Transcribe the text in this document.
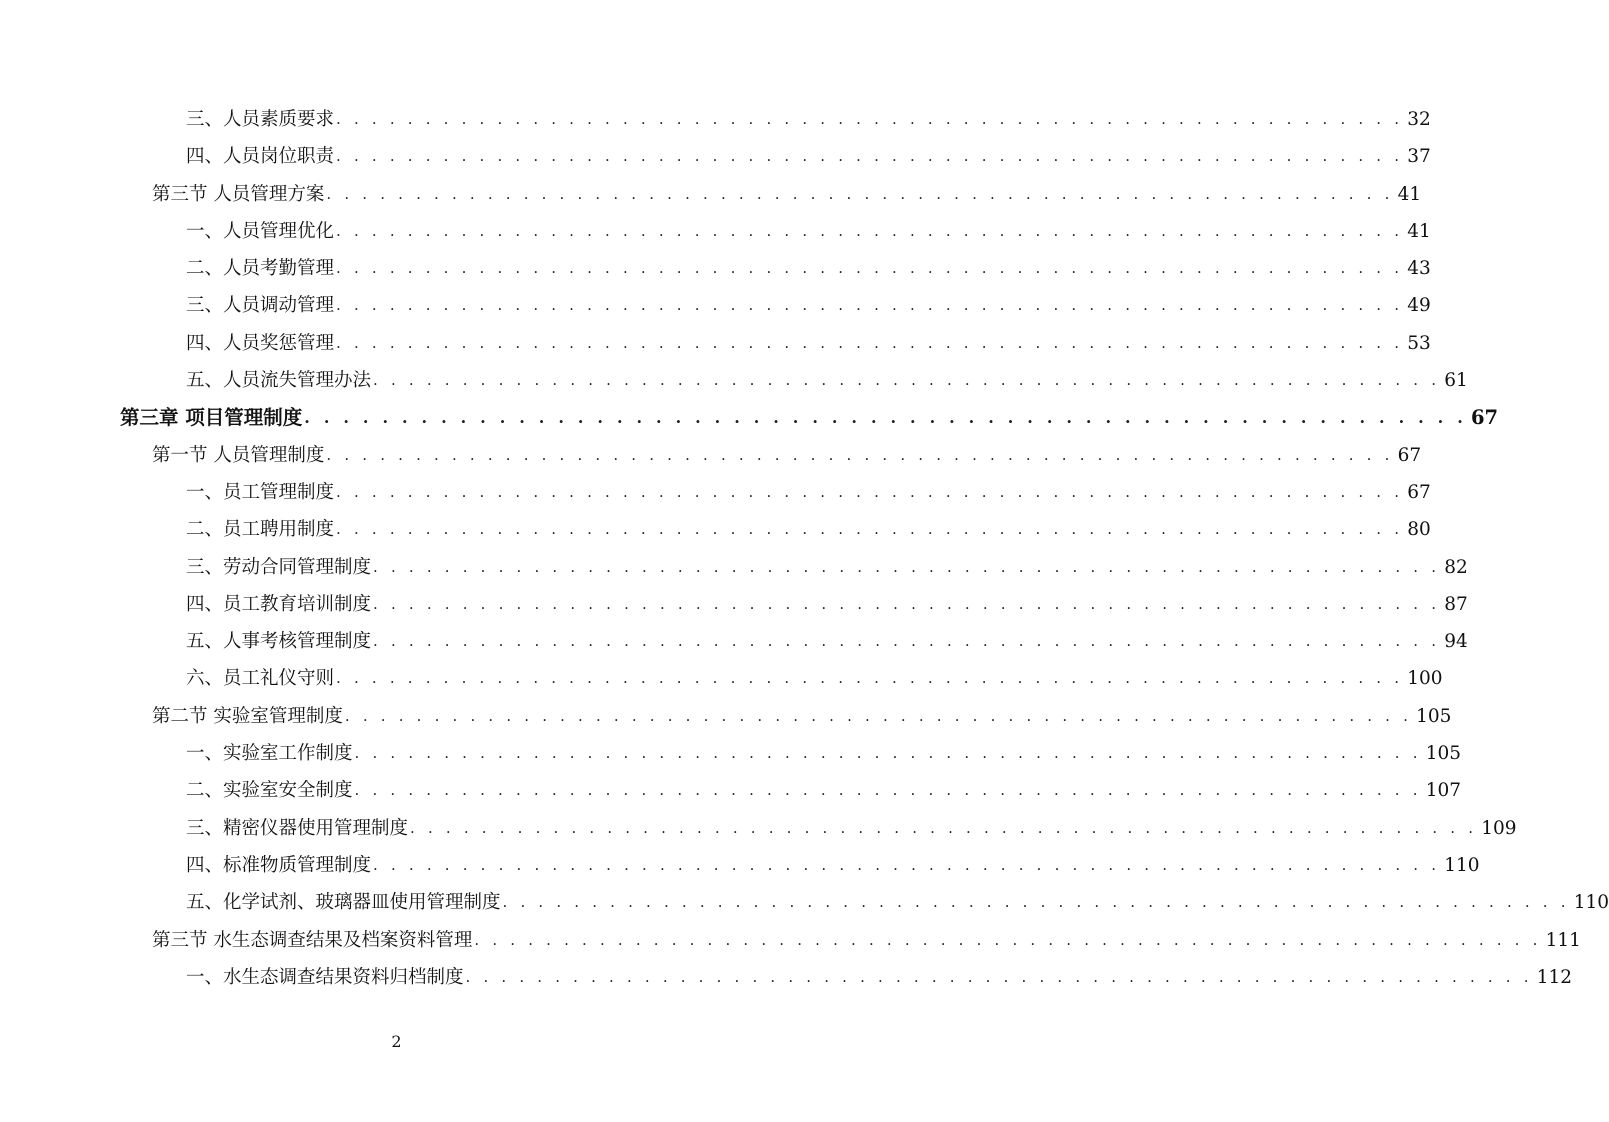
三、人员素质要求 . . . . . . . . . . . . . . . . . . . . . . . . . . . . . . . . . . . . . . . . . . . . . . . . . . . . . . . . . . . . 32
四、人员岗位职责 . . . . . . . . . . . . . . . . . . . . . . . . . . . . . . . . . . . . . . . . . . . . . . . . . . . . . . . . . . . . 37
第三节 人员管理方案 . . . . . . . . . . . . . . . . . . . . . . . . . . . . . . . . . . . . . . . . . . . . . . . . . . . . . . . . . . . . 41
一、人员管理优化 . . . . . . . . . . . . . . . . . . . . . . . . . . . . . . . . . . . . . . . . . . . . . . . . . . . . . . . . . . . . 41
二、人员考勤管理 . . . . . . . . . . . . . . . . . . . . . . . . . . . . . . . . . . . . . . . . . . . . . . . . . . . . . . . . . . . . 43
三、人员调动管理 . . . . . . . . . . . . . . . . . . . . . . . . . . . . . . . . . . . . . . . . . . . . . . . . . . . . . . . . . . . . 49
四、人员奖惩管理 . . . . . . . . . . . . . . . . . . . . . . . . . . . . . . . . . . . . . . . . . . . . . . . . . . . . . . . . . . . . 53
五、人员流失管理办法 . . . . . . . . . . . . . . . . . . . . . . . . . . . . . . . . . . . . . . . . . . . . . . . . . . . . . . . . . . . . 61
第三章 项目管理制度 . . . . . . . . . . . . . . . . . . . . . . . . . . . . . . . . . . . . . . . . . . . . . . . . . . . . . . . . . . . . 67
第一节 人员管理制度 . . . . . . . . . . . . . . . . . . . . . . . . . . . . . . . . . . . . . . . . . . . . . . . . . . . . . . . . . . . . 67
一、员工管理制度 . . . . . . . . . . . . . . . . . . . . . . . . . . . . . . . . . . . . . . . . . . . . . . . . . . . . . . . . . . . . 67
二、员工聘用制度 . . . . . . . . . . . . . . . . . . . . . . . . . . . . . . . . . . . . . . . . . . . . . . . . . . . . . . . . . . . . 80
三、劳动合同管理制度 . . . . . . . . . . . . . . . . . . . . . . . . . . . . . . . . . . . . . . . . . . . . . . . . . . . . . . . . . . . . 82
四、员工教育培训制度 . . . . . . . . . . . . . . . . . . . . . . . . . . . . . . . . . . . . . . . . . . . . . . . . . . . . . . . . . . . . 87
五、人事考核管理制度 . . . . . . . . . . . . . . . . . . . . . . . . . . . . . . . . . . . . . . . . . . . . . . . . . . . . . . . . . . . . 94
六、员工礼仪守则 . . . . . . . . . . . . . . . . . . . . . . . . . . . . . . . . . . . . . . . . . . . . . . . . . . . . . . . . . . . . 100
第二节 实验室管理制度 . . . . . . . . . . . . . . . . . . . . . . . . . . . . . . . . . . . . . . . . . . . . . . . . . . . . . . . . . . . . 105
一、实验室工作制度 . . . . . . . . . . . . . . . . . . . . . . . . . . . . . . . . . . . . . . . . . . . . . . . . . . . . . . . . . . . . 105
二、实验室安全制度 . . . . . . . . . . . . . . . . . . . . . . . . . . . . . . . . . . . . . . . . . . . . . . . . . . . . . . . . . . . . 107
三、精密仪器使用管理制度 . . . . . . . . . . . . . . . . . . . . . . . . . . . . . . . . . . . . . . . . . . . . . . . . . . . . . . . . . . . . 109
四、标准物质管理制度 . . . . . . . . . . . . . . . . . . . . . . . . . . . . . . . . . . . . . . . . . . . . . . . . . . . . . . . . . . . . 110
五、化学试剂、玻璃器皿使用管理制度 . . . . . . . . . . . . . . . . . . . . . . . . . . . . . . . . . . . . . . . . . . . . . . . . . . . . . . . . . . . . 110
第三节 水生态调查结果及档案资料管理 . . . . . . . . . . . . . . . . . . . . . . . . . . . . . . . . . . . . . . . . . . . . . . . . . . . . . . . . . . . . 111
一、水生态调查结果资料归档制度 . . . . . . . . . . . . . . . . . . . . . . . . . . . . . . . . . . . . . . . . . . . . . . . . . . . . . . . . . . . . 112
2
